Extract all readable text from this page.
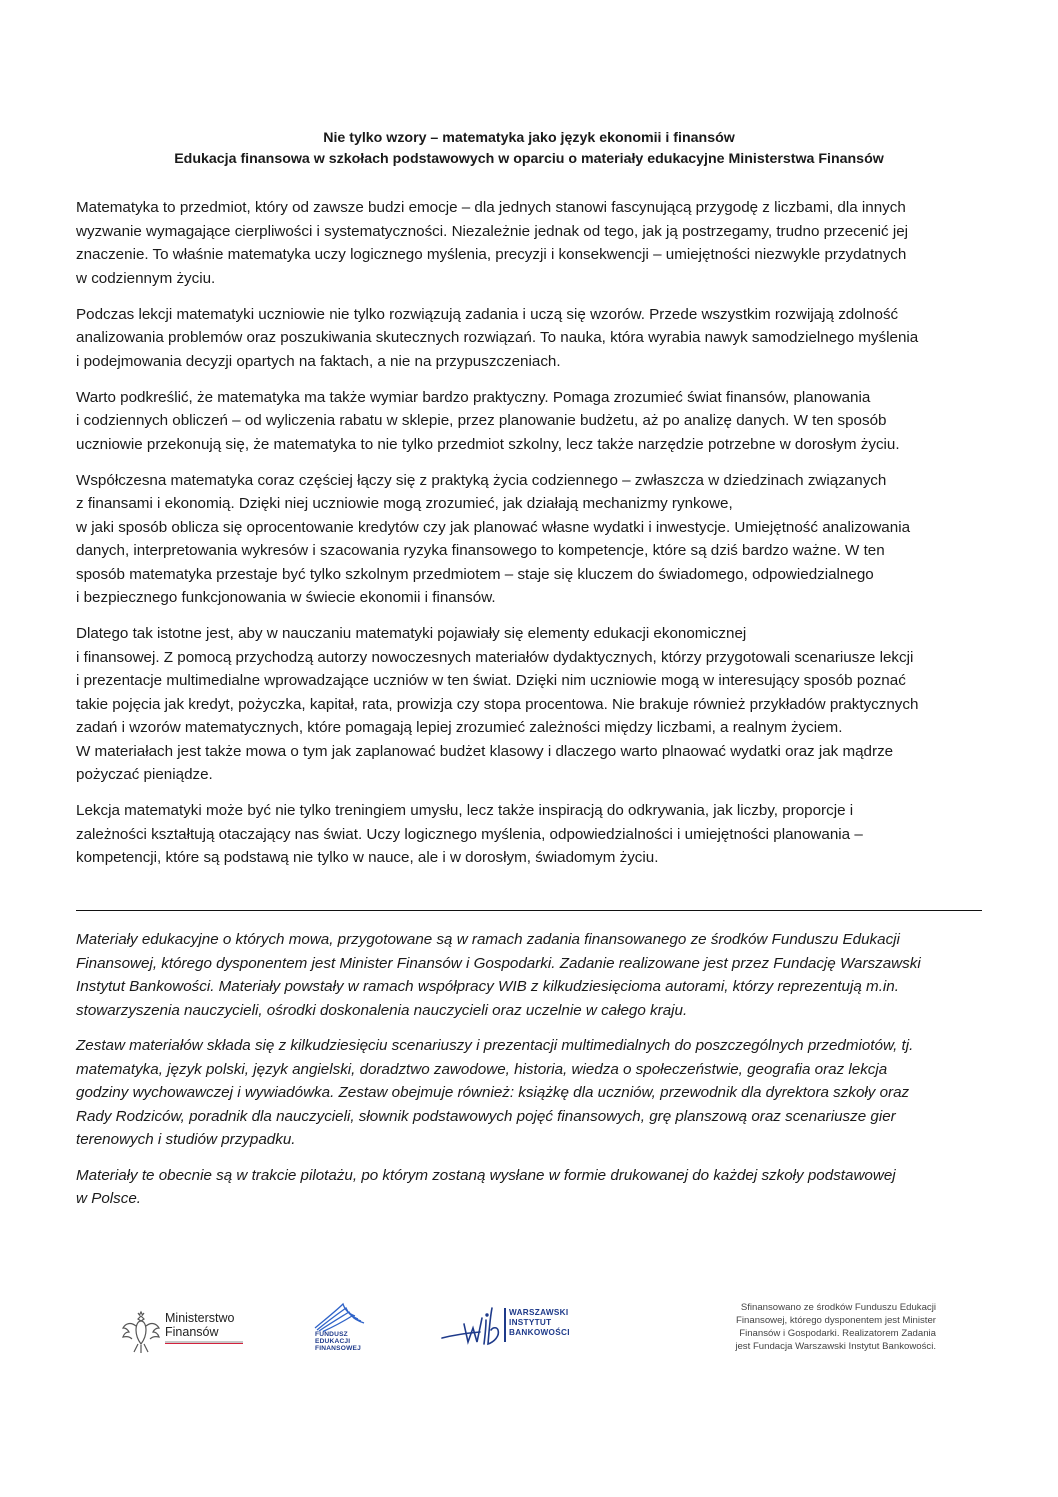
Nie tylko wzory – matematyka jako język ekonomii i finansów
Edukacja finansowa w szkołach podstawowych w oparciu o materiały edukacyjne Ministerstwa Finansów
Matematyka to przedmiot, który od zawsze budzi emocje – dla jednych stanowi fascynującą przygodę z liczbami, dla innych
wyzwanie wymagające cierpliwości i systematyczności. Niezależnie jednak od tego, jak ją postrzegamy, trudno przecenić jej
znaczenie. To właśnie matematyka uczy logicznego myślenia, precyzji i konsekwencji – umiejętności niezwykle przydatnych
w codziennym życiu.
Podczas lekcji matematyki uczniowie nie tylko rozwiązują zadania i uczą się wzorów. Przede wszystkim rozwijają zdolność
analizowania problemów oraz poszukiwania skutecznych rozwiązań. To nauka, która wyrabia nawyk samodzielnego myślenia
i podejmowania decyzji opartych na faktach, a nie na przypuszczeniach.
Warto podkreślić, że matematyka ma także wymiar bardzo praktyczny. Pomaga zrozumieć świat finansów, planowania
i codziennych obliczeń – od wyliczenia rabatu w sklepie, przez planowanie budżetu, aż po analizę danych. W ten sposób
uczniowie przekonują się, że matematyka to nie tylko przedmiot szkolny, lecz także narzędzie potrzebne w dorosłym życiu.
Współczesna matematyka coraz częściej łączy się z praktyką życia codziennego – zwłaszcza w dziedzinach związanych
z finansami i ekonomią. Dzięki niej uczniowie mogą zrozumieć, jak działają mechanizmy rynkowe,
w jaki sposób oblicza się oprocentowanie kredytów czy jak planować własne wydatki i inwestycje. Umiejętność analizowania
danych, interpretowania wykresów i szacowania ryzyka finansowego to kompetencje, które są dziś bardzo ważne. W ten
sposób matematyka przestaje być tylko szkolnym przedmiotem – staje się kluczem do świadomego, odpowiedzialnego
i bezpiecznego funkcjonowania w świecie ekonomii i finansów.
Dlatego tak istotne jest, aby w nauczaniu matematyki pojawiały się elementy edukacji ekonomicznej
i finansowej. Z pomocą przychodzą autorzy nowoczesnych materiałów dydaktycznych, którzy przygotowali scenariusze lekcji
i prezentacje multimedialne wprowadzające uczniów w ten świat. Dzięki nim uczniowie mogą w interesujący sposób poznać
takie pojęcia jak kredyt, pożyczka, kapitał, rata, prowizja czy stopa procentowa. Nie brakuje również przykładów praktycznych
zadań i wzorów matematycznych, które pomagają lepiej zrozumieć zależności między liczbami, a realnym życiem.
W materiałach jest także mowa o tym jak zaplanować budżet klasowy i dlaczego warto plnaować wydatki oraz jak mądrze
pożyczać pieniądze.
Lekcja matematyki może być nie tylko treningiem umysłu, lecz także inspiracją do odkrywania, jak liczby, proporcje i
zależności kształtują otaczający nas świat. Uczy logicznego myślenia, odpowiedzialności i umiejętności planowania –
kompetencji, które są podstawą nie tylko w nauce, ale i w dorosłym, świadomym życiu.
Materiały edukacyjne o których mowa, przygotowane są w ramach zadania finansowanego ze środków Funduszu Edukacji
Finansowej, którego dysponentem jest Minister Finansów i Gospodarki. Zadanie realizowane jest przez Fundację Warszawski
Instytut Bankowości. Materiały powstały w ramach współpracy WIB z kilkudziesięcioma autorami, którzy reprezentują m.in.
stowarzyszenia nauczycieli, ośrodki doskonalenia nauczycieli oraz uczelnie w całego kraju.
Zestaw materiałów składa się z kilkudziesięciu scenariuszy i prezentacji multimedialnych do poszczególnych przedmiotów, tj.
matematyka, język polski, język angielski, doradztwo zawodowe, historia, wiedza o społeczeństwie, geografia oraz lekcja
godziny wychowawczej i wywiadówka. Zestaw obejmuje również: książkę dla uczniów, przewodnik dla dyrektora szkoły oraz
Rady Rodziców, poradnik dla nauczycieli, słownik podstawowych pojęć finansowych, grę planszową oraz scenariusze gier
terenowych i studiów przypadku.
Materiały te obecnie są w trakcie pilotażu, po którym zostaną wysłane w formie drukowanej do każdej szkoły podstawowej
w Polsce.
Ministerstwo
Finansów	FUNDUSZ
EDUKACJI
FINANSOWEJ
WARSZAWSKI
INSTYTUT
BANKOWOŚCI
Sfinansowano ze środków Funduszu Edukacji
Finansowej, którego dysponentem jest Minister
Finansów i Gospodarki. Realizatorem Zadania
jest Fundacja Warszawski Instytut Bankowości.
